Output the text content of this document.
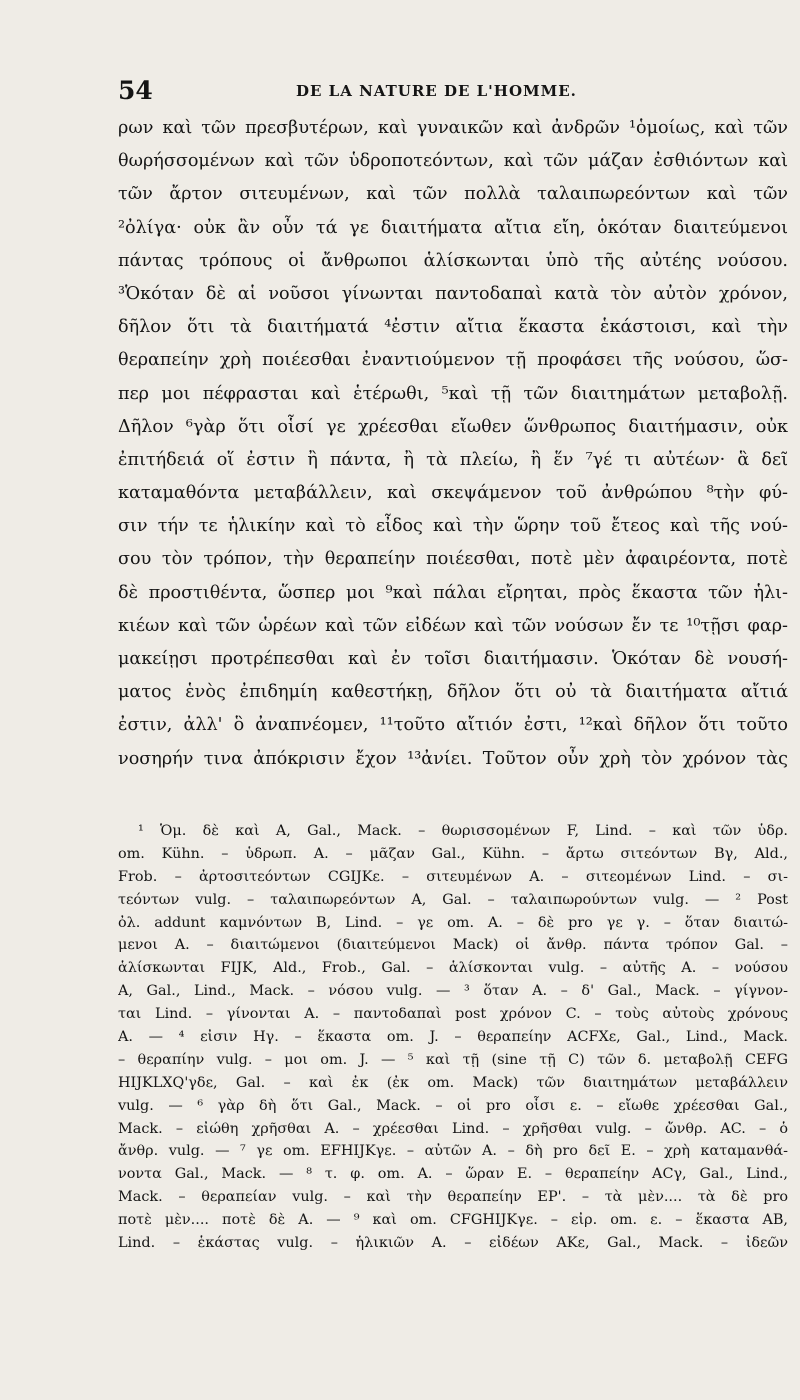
54	DE LA NATURE DE L'HOMME.
ρων καὶ τῶν πρεσβυτέρων, καὶ γυναικῶν καὶ ἀνδρῶν ¹ὁμοίως, καὶ τῶν
θωρήσσομένων καὶ τῶν ὑδροποτεόντων, καὶ τῶν μάζαν ἐσθιόντων καὶ
τῶν ἄρτον σιτευμένων, καὶ τῶν πολλὰ ταλαιπωρεόντων καὶ τῶν
²ὀλίγα· οὐκ ἂν οὖν τά γε διαιτήματα αἴτια εἴη, ὁκόταν διαιτεύμενοι
πάντας τρόπους οἱ ἄνθρωποι ἁλίσκωνται ὑπὸ τῆς αὐτέης νούσου.
³Ὁκόταν δὲ αἱ νοῦσοι γίνωνται παντοδαπαὶ κατὰ τὸν αὐτὸν χρόνον,
δῆλον ὅτι τὰ διαιτήματά ⁴ἐστιν αἴτια ἕκαστα ἑκάστοισι, καὶ τὴν
θεραπείην χρὴ ποιέεσθαι ἐναντιούμενον τῇ προφάσει τῆς νούσου, ὥσ-
περ μοι πέφρασται καὶ ἑτέρωθι, ⁵καὶ τῇ τῶν διαιτημάτων μεταβολῇ.
Δῆλον ⁶γὰρ ὅτι οἷσί γε χρέεσθαι εἴωθεν ὥνθρωπος διαιτήμασιν, οὐκ
ἐπιτήδειά οἵ ἐστιν ἢ πάντα, ἢ τὰ πλείω, ἢ ἕν ⁷γέ τι αὐτέων· ἃ δεῖ
καταμαθόντα μεταβάλλειν, καὶ σκεψάμενον τοῦ ἀνθρώπου ⁸τὴν φύ-
σιν τήν τε ἡλικίην καὶ τὸ εἶδος καὶ τὴν ὥρην τοῦ ἔτεος καὶ τῆς νού-
σου τὸν τρόπον, τὴν θεραπείην ποιέεσθαι, ποτὲ μὲν ἀφαιρέοντα, ποτὲ
δὲ προστιθέντα, ὥσπερ μοι ⁹καὶ πάλαι εἴρηται, πρὸς ἕκαστα τῶν ἡλι-
κιέων καὶ τῶν ὡρέων καὶ τῶν εἰδέων καὶ τῶν νούσων ἔν τε ¹⁰τῇσι φαρ-
μακείῃσι προτρέπεσθαι καὶ ἐν τοῖσι διαιτήμασιν. Ὁκόταν δὲ νουσή-
ματος ἑνὸς ἐπιδημίη καθεστήκῃ, δῆλον ὅτι οὐ τὰ διαιτήματα αἴτιά
ἐστιν, ἀλλ' ὃ ἀναπνέομεν, ¹¹τοῦτο αἴτιόν ἐστι, ¹²καὶ δῆλον ὅτι τοῦτο
νοσηρήν τινα ἀπόκρισιν ἔχον ¹³ἀνίει. Τοῦτον οὖν χρὴ τὸν χρόνον τὰς
¹ Ὁμ. δὲ καὶ A, Gal., Mack. – θωρισσομένων F, Lind. – καὶ τῶν ὑδρ.
om. Kühn. – ὑδρωπ. A. – μᾶζαν Gal., Kühn. – ἄρτω σιτεόντων Bγ, Ald.,
Frob. – ἀρτοσιτεόντων CGIJKε. – σιτευμένων A. – σιτεομένων Lind. – σι-
τεόντων vulg. – ταλαιπωρεόντων A, Gal. – ταλαιπωρούντων vulg. — ² Post
ὀλ. addunt καμνόντων B, Lind. – γε om. A. – δὲ pro γε γ. – ὅταν διαιτώ-
μενοι A. – διαιτώμενοι (διαιτεύμενοι Mack) οἱ ἄνθρ. πάντα τρόπον Gal. –
ἁλίσκωνται FIJK, Ald., Frob., Gal. – ἁλίσκονται vulg. – αὐτῆς A. – νούσου
A, Gal., Lind., Mack. – νόσου vulg. — ³ ὅταν A. – δ' Gal., Mack. – γίγνον-
ται Lind. – γίνονται A. – παντοδαπαὶ post χρόνον C. – τοὺς αὐτοὺς χρόνους
A. — ⁴ εἰσιν Hγ. – ἕκαστα om. J. – θεραπείην ACFXε, Gal., Lind., Mack.
– θεραπίην vulg. – μοι om. J. — ⁵ καὶ τῇ (sine τῇ C) τῶν δ. μεταβολῇ CEFG
HIJKLXQ'γδε, Gal. – καὶ ἐκ (ἐκ om. Mack) τῶν διαιτημάτων μεταβάλλειν
vulg. — ⁶ γὰρ δὴ ὅτι Gal., Mack. – οἱ pro οἷσι ε. – εἴωθε χρέεσθαι Gal.,
Mack. – εἰώθη χρῆσθαι A. – χρέεσθαι Lind. – χρῆσθαι vulg. – ὤνθρ. AC. – ὁ
ἄνθρ. vulg. — ⁷ γε om. EFHIJKγε. – αὐτῶν A. – δὴ pro δεῖ E. – χρὴ καταμανθά-
νοντα Gal., Mack. — ⁸ τ. φ. om. A. – ὥραν E. – θεραπείην ACγ, Gal., Lind.,
Mack. – θεραπείαν vulg. – καὶ τὴν θεραπείην EP'. – τὰ μὲν.... τὰ δὲ pro
ποτὲ μὲν.... ποτὲ δὲ A. — ⁹ καὶ om. CFGHIJKγε. – εἰρ. om. ε. – ἕκαστα AB,
Lind. – ἑκάστας vulg. – ἡλικιῶν A. – εἰδέων AKε, Gal., Mack. – ἰδεῶν
